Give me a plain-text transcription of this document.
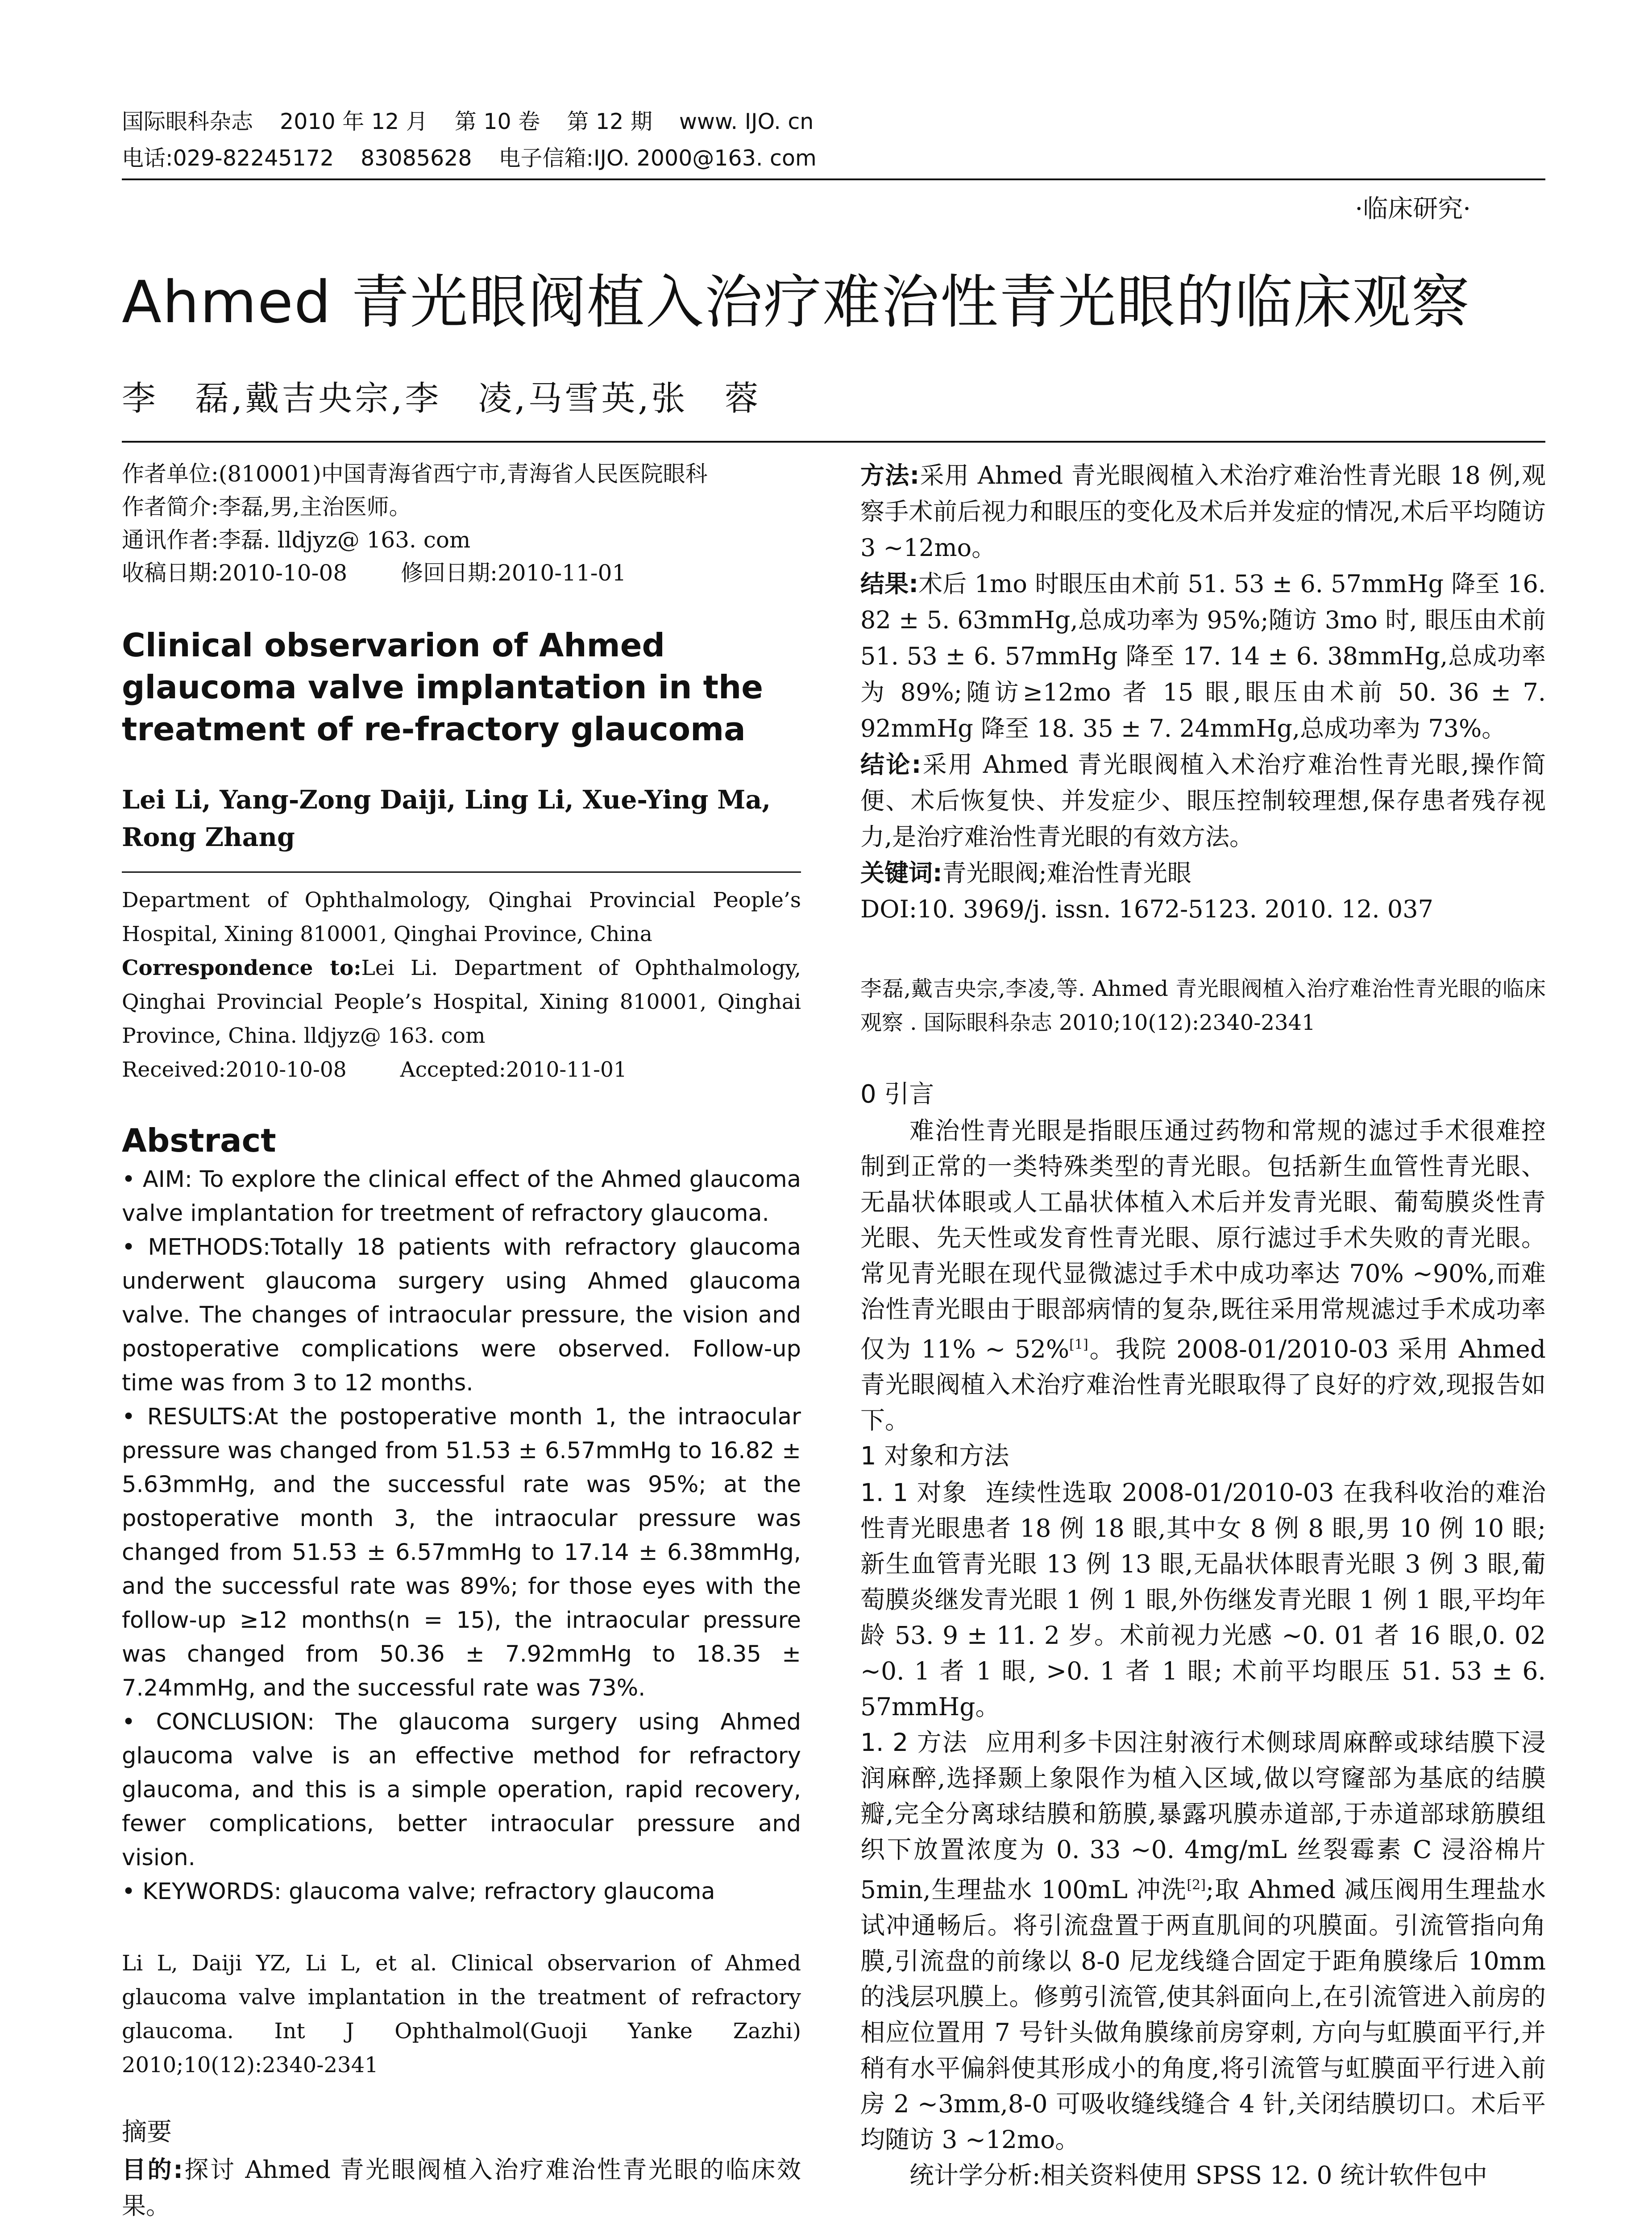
国际眼科杂志 2010 年 12 月 第 10 卷 第 12 期 www. IJO. cn
电话:029-82245172 83085628 电子信箱:IJO. 2000@163. com
·临床研究·
Ahmed 青光眼阀植入治疗难治性青光眼的临床观察
李　磊,戴吉央宗,李　凌,马雪英,张　蓉
作者单位:(810001)中国青海省西宁市,青海省人民医院眼科
作者简介:李磊,男,主治医师。
通讯作者:李磊. lldjyz@ 163. com
收稿日期:2010-10-08 修回日期:2010-11-01
Clinical observarion of Ahmed glaucoma valve implantation in the treatment of re-fractory glaucoma
Lei Li, Yang-Zong Daiji, Ling Li, Xue-Ying Ma, Rong Zhang
Department of Ophthalmology, Qinghai Provincial People’s Hospital, Xining 810001, Qinghai Province, China
Correspondence to:Lei Li. Department of Ophthalmology, Qinghai Provincial People’s Hospital, Xining 810001, Qinghai Province, China. lldjyz@ 163. com
Received:2010-10-08	Accepted:2010-11-01
Abstract

• AIM: To explore the clinical effect of the Ahmed glaucoma valve implantation for treetment of refractory glaucoma.

• METHODS:Totally 18 patients with refractory glaucoma underwent glaucoma surgery using Ahmed glaucoma valve. The changes of intraocular pressure, the vision and postoperative complications were observed. Follow-up time was from 3 to 12 months.

• RESULTS:At the postoperative month 1, the intraocular pressure was changed from 51.53 ± 6.57mmHg to 16.82 ± 5.63mmHg, and the successful rate was 95%; at the postoperative month 3, the intraocular pressure was changed from 51.53 ± 6.57mmHg to 17.14 ± 6.38mmHg, and the successful rate was 89%; for those eyes with the follow-up ≥12 months(n = 15), the intraocular pressure was changed from 50.36 ± 7.92mmHg to 18.35 ± 7.24mmHg, and the successful rate was 73%.

• CONCLUSION: The glaucoma surgery using Ahmed glaucoma valve is an effective method for refractory glaucoma, and this is a simple operation, rapid recovery, fewer complications, better intraocular pressure and vision.

• KEYWORDS: glaucoma valve; refractory glaucoma

Li L, Daiji YZ, Li L, et al. Clinical observarion of Ahmed glaucoma valve implantation in the treatment of refractory glaucoma. Int J Ophthalmol(Guoji Yanke Zazhi) 2010;10(12):2340-2341
摘要

目的:探讨 Ahmed 青光眼阀植入治疗难治性青光眼的临床效果。

方法:采用 Ahmed 青光眼阀植入术治疗难治性青光眼 18 例,观察手术前后视力和眼压的变化及术后并发症的情况,术后平均随访 3 ~12mo。

结果:术后 1mo 时眼压由术前 51. 53 ± 6. 57mmHg 降至 16. 82 ± 5. 63mmHg,总成功率为 95%;随访 3mo 时, 眼压由术前 51. 53 ± 6. 57mmHg 降至 17. 14 ± 6. 38mmHg,总成功率为 89%;随访≥12mo 者 15 眼,眼压由术前 50. 36 ± 7. 92mmHg 降至 18. 35 ± 7. 24mmHg,总成功率为 73%。

结论:采用 Ahmed 青光眼阀植入术治疗难治性青光眼,操作简便、术后恢复快、并发症少、眼压控制较理想,保存患者残存视力,是治疗难治性青光眼的有效方法。

关键词:青光眼阀;难治性青光眼

DOI:10. 3969/j. issn. 1672-5123. 2010. 12. 037

李磊,戴吉央宗,李凌,等. Ahmed 青光眼阀植入治疗难治性青光眼的临床观察 . 国际眼科杂志 2010;10(12):2340-2341
0 引言

难治性青光眼是指眼压通过药物和常规的滤过手术很难控制到正常的一类特殊类型的青光眼。包括新生血管性青光眼、无晶状体眼或人工晶状体植入术后并发青光眼、葡萄膜炎性青光眼、先天性或发育性青光眼、原行滤过手术失败的青光眼。常见青光眼在现代显微滤过手术中成功率达 70% ~90%,而难治性青光眼由于眼部病情的复杂,既往采用常规滤过手术成功率仅为 11% ~ 52%[1]。我院 2008-01/2010-03 采用 Ahmed 青光眼阀植入术治疗难治性青光眼取得了良好的疗效,现报告如下。

1 对象和方法

1. 1 对象 连续性选取 2008-01/2010-03 在我科收治的难治性青光眼患者 18 例 18 眼,其中女 8 例 8 眼,男 10 例 10 眼;新生血管青光眼 13 例 13 眼,无晶状体眼青光眼 3 例 3 眼,葡萄膜炎继发青光眼 1 例 1 眼,外伤继发青光眼 1 例 1 眼,平均年龄 53. 9 ± 11. 2 岁。术前视力光感 ~0. 01 者 16 眼,0. 02 ~0. 1 者 1 眼, >0. 1 者 1 眼; 术前平均眼压 51. 53 ± 6. 57mmHg。

1. 2 方法 应用利多卡因注射液行术侧球周麻醉或球结膜下浸润麻醉,选择颞上象限作为植入区域,做以穹窿部为基底的结膜瓣,完全分离球结膜和筋膜,暴露巩膜赤道部,于赤道部球筋膜组织下放置浓度为 0. 33 ~0. 4mg/mL 丝裂霉素 C 浸浴棉片 5min,生理盐水 100mL 冲洗[2];取 Ahmed 减压阀用生理盐水试冲通畅后。将引流盘置于两直肌间的巩膜面。引流管指向角膜,引流盘的前缘以 8-0 尼龙线缝合固定于距角膜缘后 10mm 的浅层巩膜上。修剪引流管,使其斜面向上,在引流管进入前房的相应位置用 7 号针头做角膜缘前房穿刺, 方向与虹膜面平行,并稍有水平偏斜使其形成小的角度,将引流管与虹膜面平行进入前房 2 ~3mm,8-0 可吸收缝线缝合 4 针,关闭结膜切口。术后平均随访 3 ~12mo。

统计学分析:相关资料使用 SPSS 12. 0 统计软件包中
